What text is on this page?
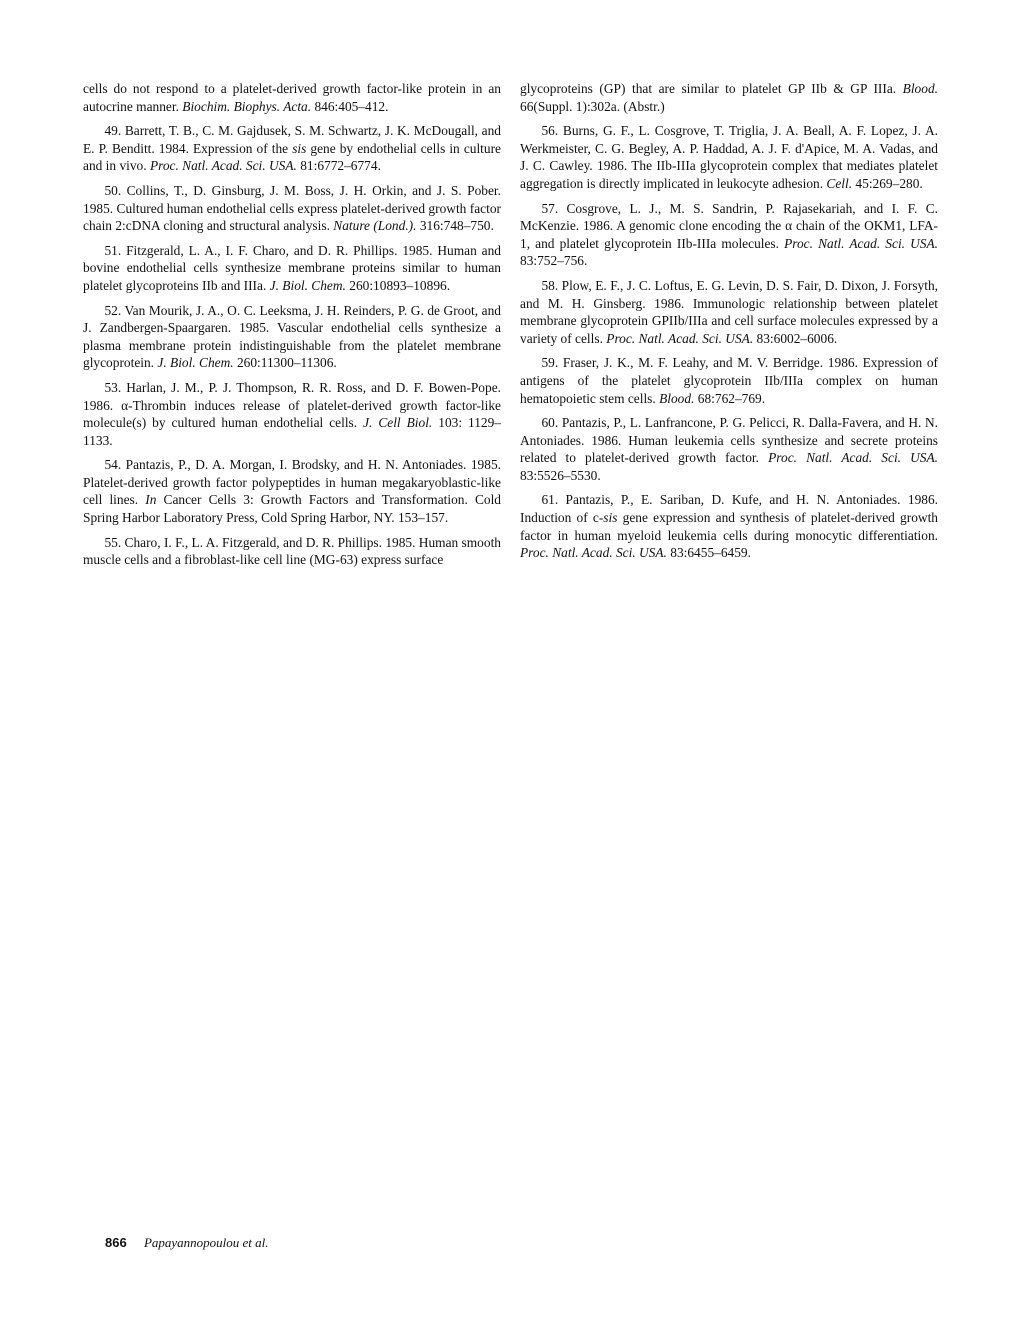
cells do not respond to a platelet-derived growth factor-like protein in an autocrine manner. Biochim. Biophys. Acta. 846:405–412.

49. Barrett, T. B., C. M. Gajdusek, S. M. Schwartz, J. K. McDougall, and E. P. Benditt. 1984. Expression of the sis gene by endothelial cells in culture and in vivo. Proc. Natl. Acad. Sci. USA. 81:6772–6774.

50. Collins, T., D. Ginsburg, J. M. Boss, J. H. Orkin, and J. S. Pober. 1985. Cultured human endothelial cells express platelet-derived growth factor chain 2:cDNA cloning and structural analysis. Nature (Lond.). 316:748–750.

51. Fitzgerald, L. A., I. F. Charo, and D. R. Phillips. 1985. Human and bovine endothelial cells synthesize membrane proteins similar to human platelet glycoproteins IIb and IIIa. J. Biol. Chem. 260:10893–10896.

52. Van Mourik, J. A., O. C. Leeksma, J. H. Reinders, P. G. de Groot, and J. Zandbergen-Spaargaren. 1985. Vascular endothelial cells synthesize a plasma membrane protein indistinguishable from the platelet membrane glycoprotein. J. Biol. Chem. 260:11300–11306.

53. Harlan, J. M., P. J. Thompson, R. R. Ross, and D. F. Bowen-Pope. 1986. α-Thrombin induces release of platelet-derived growth factor-like molecule(s) by cultured human endothelial cells. J. Cell Biol. 103: 1129–1133.

54. Pantazis, P., D. A. Morgan, I. Brodsky, and H. N. Antoniades. 1985. Platelet-derived growth factor polypeptides in human megakaryoblastic-like cell lines. In Cancer Cells 3: Growth Factors and Transformation. Cold Spring Harbor Laboratory Press, Cold Spring Harbor, NY. 153–157.

55. Charo, I. F., L. A. Fitzgerald, and D. R. Phillips. 1985. Human smooth muscle cells and a fibroblast-like cell line (MG-63) express surface

glycoproteins (GP) that are similar to platelet GP IIb & GP IIIa. Blood. 66(Suppl. 1):302a. (Abstr.)

56. Burns, G. F., L. Cosgrove, T. Triglia, J. A. Beall, A. F. Lopez, J. A. Werkmeister, C. G. Begley, A. P. Haddad, A. J. F. d'Apice, M. A. Vadas, and J. C. Cawley. 1986. The IIb-IIIa glycoprotein complex that mediates platelet aggregation is directly implicated in leukocyte adhesion. Cell. 45:269–280.

57. Cosgrove, L. J., M. S. Sandrin, P. Rajasekariah, and I. F. C. McKenzie. 1986. A genomic clone encoding the α chain of the OKM1, LFA-1, and platelet glycoprotein IIb-IIIa molecules. Proc. Natl. Acad. Sci. USA. 83:752–756.

58. Plow, E. F., J. C. Loftus, E. G. Levin, D. S. Fair, D. Dixon, J. Forsyth, and M. H. Ginsberg. 1986. Immunologic relationship between platelet membrane glycoprotein GPIIb/IIIa and cell surface molecules expressed by a variety of cells. Proc. Natl. Acad. Sci. USA. 83:6002–6006.

59. Fraser, J. K., M. F. Leahy, and M. V. Berridge. 1986. Expression of antigens of the platelet glycoprotein IIb/IIIa complex on human hematopoietic stem cells. Blood. 68:762–769.

60. Pantazis, P., L. Lanfrancone, P. G. Pelicci, R. Dalla-Favera, and H. N. Antoniades. 1986. Human leukemia cells synthesize and secrete proteins related to platelet-derived growth factor. Proc. Natl. Acad. Sci. USA. 83:5526–5530.

61. Pantazis, P., E. Sariban, D. Kufe, and H. N. Antoniades. 1986. Induction of c-sis gene expression and synthesis of platelet-derived growth factor in human myeloid leukemia cells during monocytic differentiation. Proc. Natl. Acad. Sci. USA. 83:6455–6459.

866 Papayannopoulou et al.
